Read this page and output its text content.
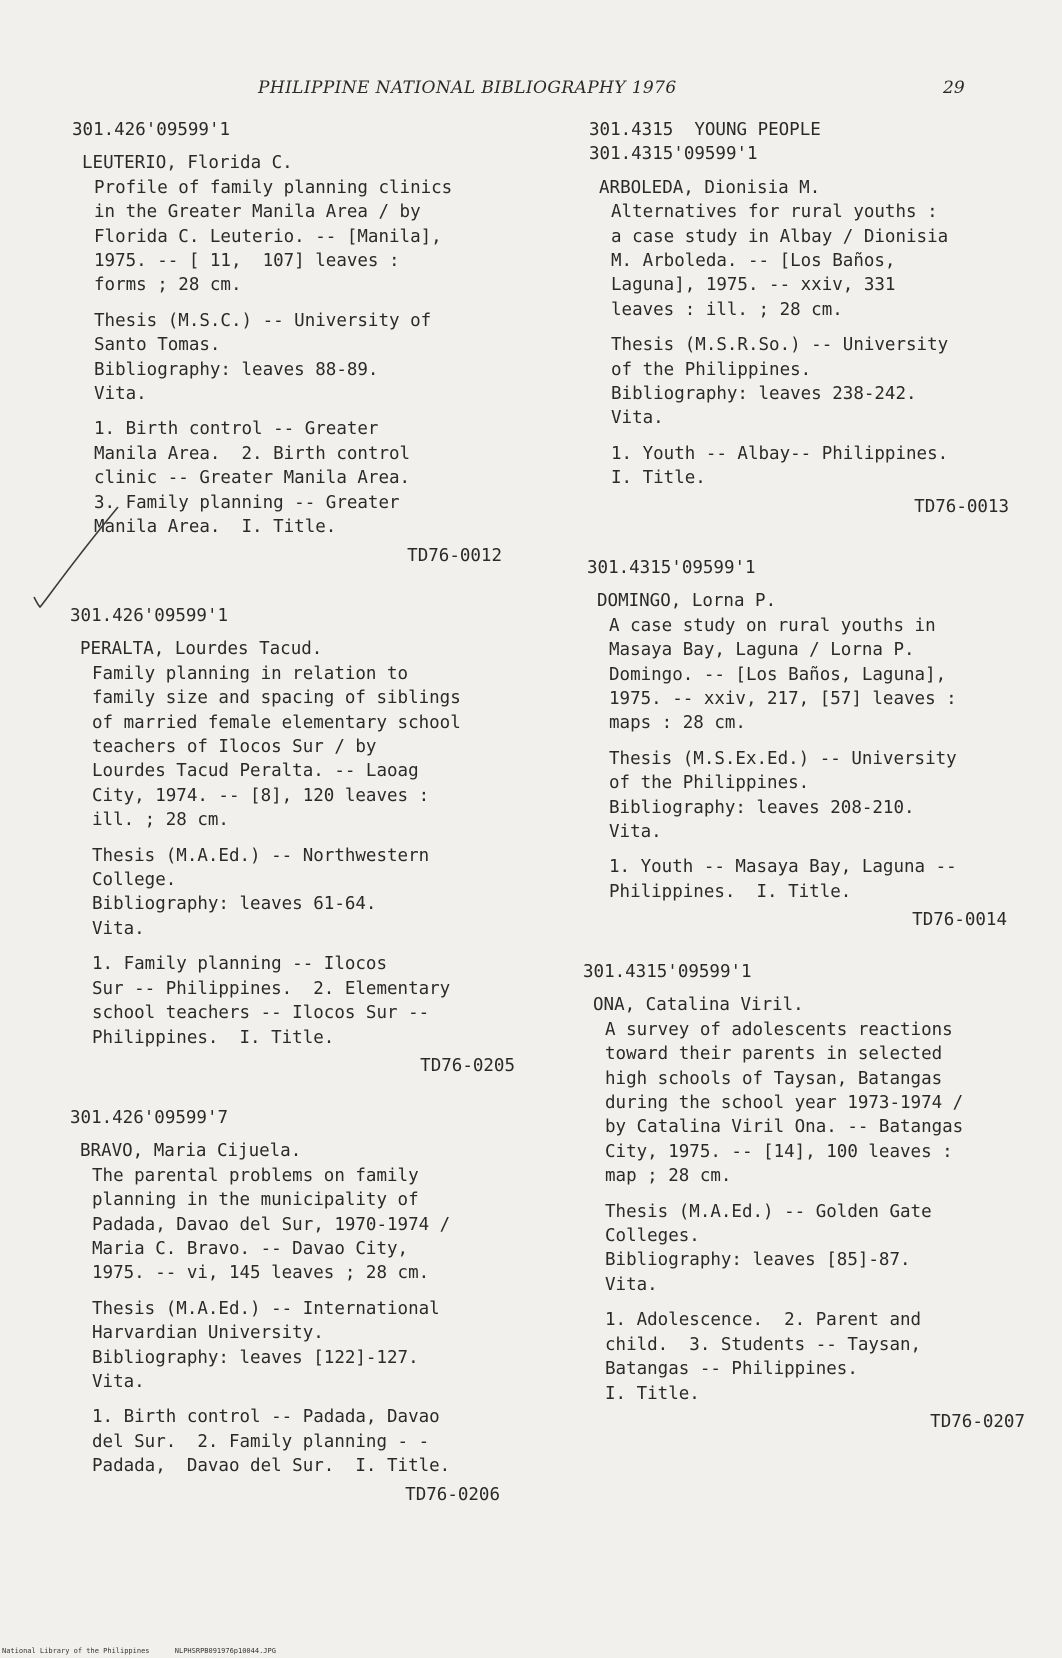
PHILIPPINE NATIONAL BIBLIOGRAPHY 1976	29
301.426'09599'1
LEUTERIO, Florida C.
Profile of family planning clinics
in the Greater Manila Area / by
Florida C. Leuterio. -- [Manila],
1975. -- [ 11,  107] leaves :
forms ; 28 cm.
Thesis (M.S.C.) -- University of
Santo Tomas.
Bibliography: leaves 88-89.
Vita.
1. Birth control -- Greater
Manila Area.  2. Birth control
clinic -- Greater Manila Area.
3. Family planning -- Greater
Manila Area.  I. Title.
TD76-0012
301.426'09599'1
PERALTA, Lourdes Tacud.
Family planning in relation to
family size and spacing of siblings
of married female elementary school
teachers of Ilocos Sur / by
Lourdes Tacud Peralta. -- Laoag
City, 1974. -- [8], 120 leaves :
ill. ; 28 cm.
Thesis (M.A.Ed.) -- Northwestern
College.
Bibliography: leaves 61-64.
Vita.
1. Family planning -- Ilocos
Sur -- Philippines.  2. Elementary
school teachers -- Ilocos Sur --
Philippines.  I. Title.
TD76-0205
301.426'09599'7
BRAVO, Maria Cijuela.
The parental problems on family
planning in the municipality of
Padada, Davao del Sur, 1970-1974 /
Maria C. Bravo. -- Davao City,
1975. -- vi, 145 leaves ; 28 cm.
Thesis (M.A.Ed.) -- International
Harvardian University.
Bibliography: leaves [122]-127.
Vita.
1. Birth control -- Padada, Davao
del Sur.  2. Family planning - -
Padada,  Davao del Sur.  I. Title.
TD76-0206
301.4315  YOUNG PEOPLE
301.4315'09599'1
ARBOLEDA, Dionisia M.
Alternatives for rural youths :
a case study in Albay / Dionisia
M. Arboleda. -- [Los Baños,
Laguna], 1975. -- xxiv, 331
leaves : ill. ; 28 cm.
Thesis (M.S.R.So.) -- University
of the Philippines.
Bibliography: leaves 238-242.
Vita.
1. Youth -- Albay-- Philippines.
I. Title.
TD76-0013
301.4315'09599'1
DOMINGO, Lorna P.
A case study on rural youths in
Masaya Bay, Laguna / Lorna P.
Domingo. -- [Los Baños, Laguna],
1975. -- xxiv, 217, [57] leaves :
maps : 28 cm.
Thesis (M.S.Ex.Ed.) -- University
of the Philippines.
Bibliography: leaves 208-210.
Vita.
1. Youth -- Masaya Bay, Laguna --
Philippines.  I. Title.
TD76-0014
301.4315'09599'1
ONA, Catalina Viril.
A survey of adolescents reactions
toward their parents in selected
high schools of Taysan, Batangas
during the school year 1973-1974 /
by Catalina Viril Ona. -- Batangas
City, 1975. -- [14], 100 leaves :
map ; 28 cm.
Thesis (M.A.Ed.) -- Golden Gate
Colleges.
Bibliography: leaves [85]-87.
Vita.
1. Adolescence.  2. Parent and
child.  3. Students -- Taysan,
Batangas -- Philippines.
I. Title.
TD76-0207
National Library of the Philippines      NLPHSRPB091976p10044.JPG
